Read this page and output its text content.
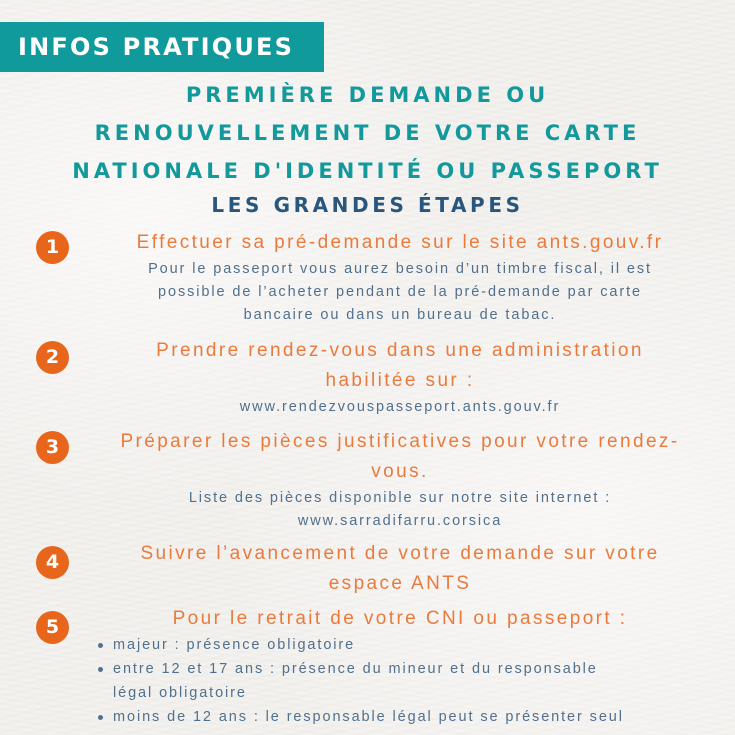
INFOS PRATIQUES
PREMIÈRE DEMANDE OU
RENOUVELLEMENT DE VOTRE CARTE
NATIONALE D'IDENTITÉ OU PASSEPORT
LES GRANDES ÉTAPES
1	Effectuer sa pré-demande sur le site ants.gouv.fr
Pour le passeport vous aurez besoin d’un timbre fiscal, il est
possible de l’acheter pendant de la pré-demande par carte
bancaire ou dans un bureau de tabac.
2	Prendre rendez-vous dans une administration
habilitée sur :
www.rendezvouspasseport.ants.gouv.fr
3	Préparer les pièces justificatives pour votre rendez-
vous.
Liste des pièces disponible sur notre site internet :
www.sarradifarru.corsica
4	Suivre l’avancement de votre demande sur votre
espace ANTS
5	Pour le retrait de votre CNI ou passeport :
majeur : présence obligatoire
entre 12 et 17 ans : présence du mineur et du responsable
légal obligatoire
moins de 12 ans : le responsable légal peut se présenter seul
